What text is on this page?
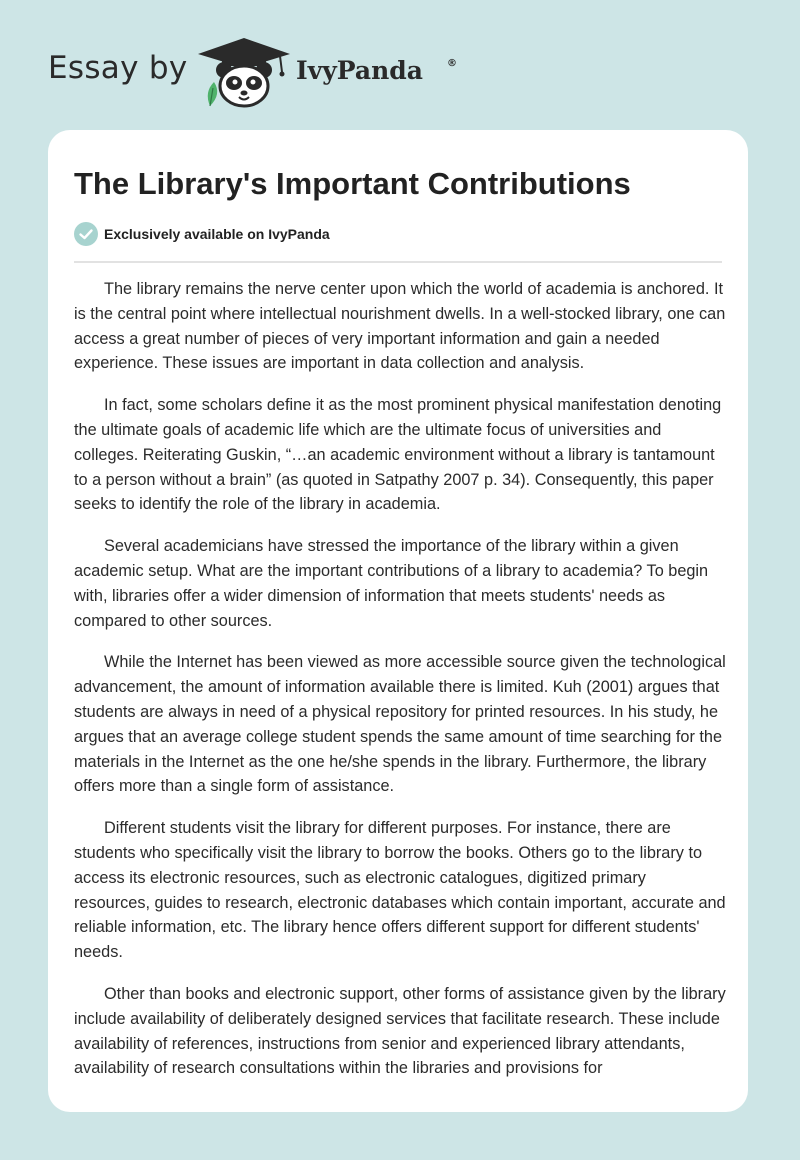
Essay by	IvyPanda ®
The Library's Important Contributions
Exclusively available on IvyPanda

The library remains the nerve center upon which the world of academia is anchored. It is the central point where intellectual nourishment dwells. In a well-stocked library, one can access a great number of pieces of very important information and gain a needed experience. These issues are important in data collection and analysis.

In fact, some scholars define it as the most prominent physical manifestation denoting the ultimate goals of academic life which are the ultimate focus of universities and colleges. Reiterating Guskin, “…an academic environment without a library is tantamount to a person without a brain” (as quoted in Satpathy 2007 p. 34). Consequently, this paper seeks to identify the role of the library in academia.

Several academicians have stressed the importance of the library within a given academic setup. What are the important contributions of a library to academia? To begin with, libraries offer a wider dimension of information that meets students' needs as compared to other sources.

While the Internet has been viewed as more accessible source given the technological advancement, the amount of information available there is limited. Kuh (2001) argues that students are always in need of a physical repository for printed resources. In his study, he argues that an average college student spends the same amount of time searching for the materials in the Internet as the one he/she spends in the library. Furthermore, the library offers more than a single form of assistance.

Different students visit the library for different purposes. For instance, there are students who specifically visit the library to borrow the books. Others go to the library to access its electronic resources, such as electronic catalogues, digitized primary resources, guides to research, electronic databases which contain important, accurate and reliable information, etc. The library hence offers different support for different students' needs.

Other than books and electronic support, other forms of assistance given by the library include availability of deliberately designed services that facilitate research. These include availability of references, instructions from senior and experienced library attendants, availability of research consultations within the libraries and provisions for
